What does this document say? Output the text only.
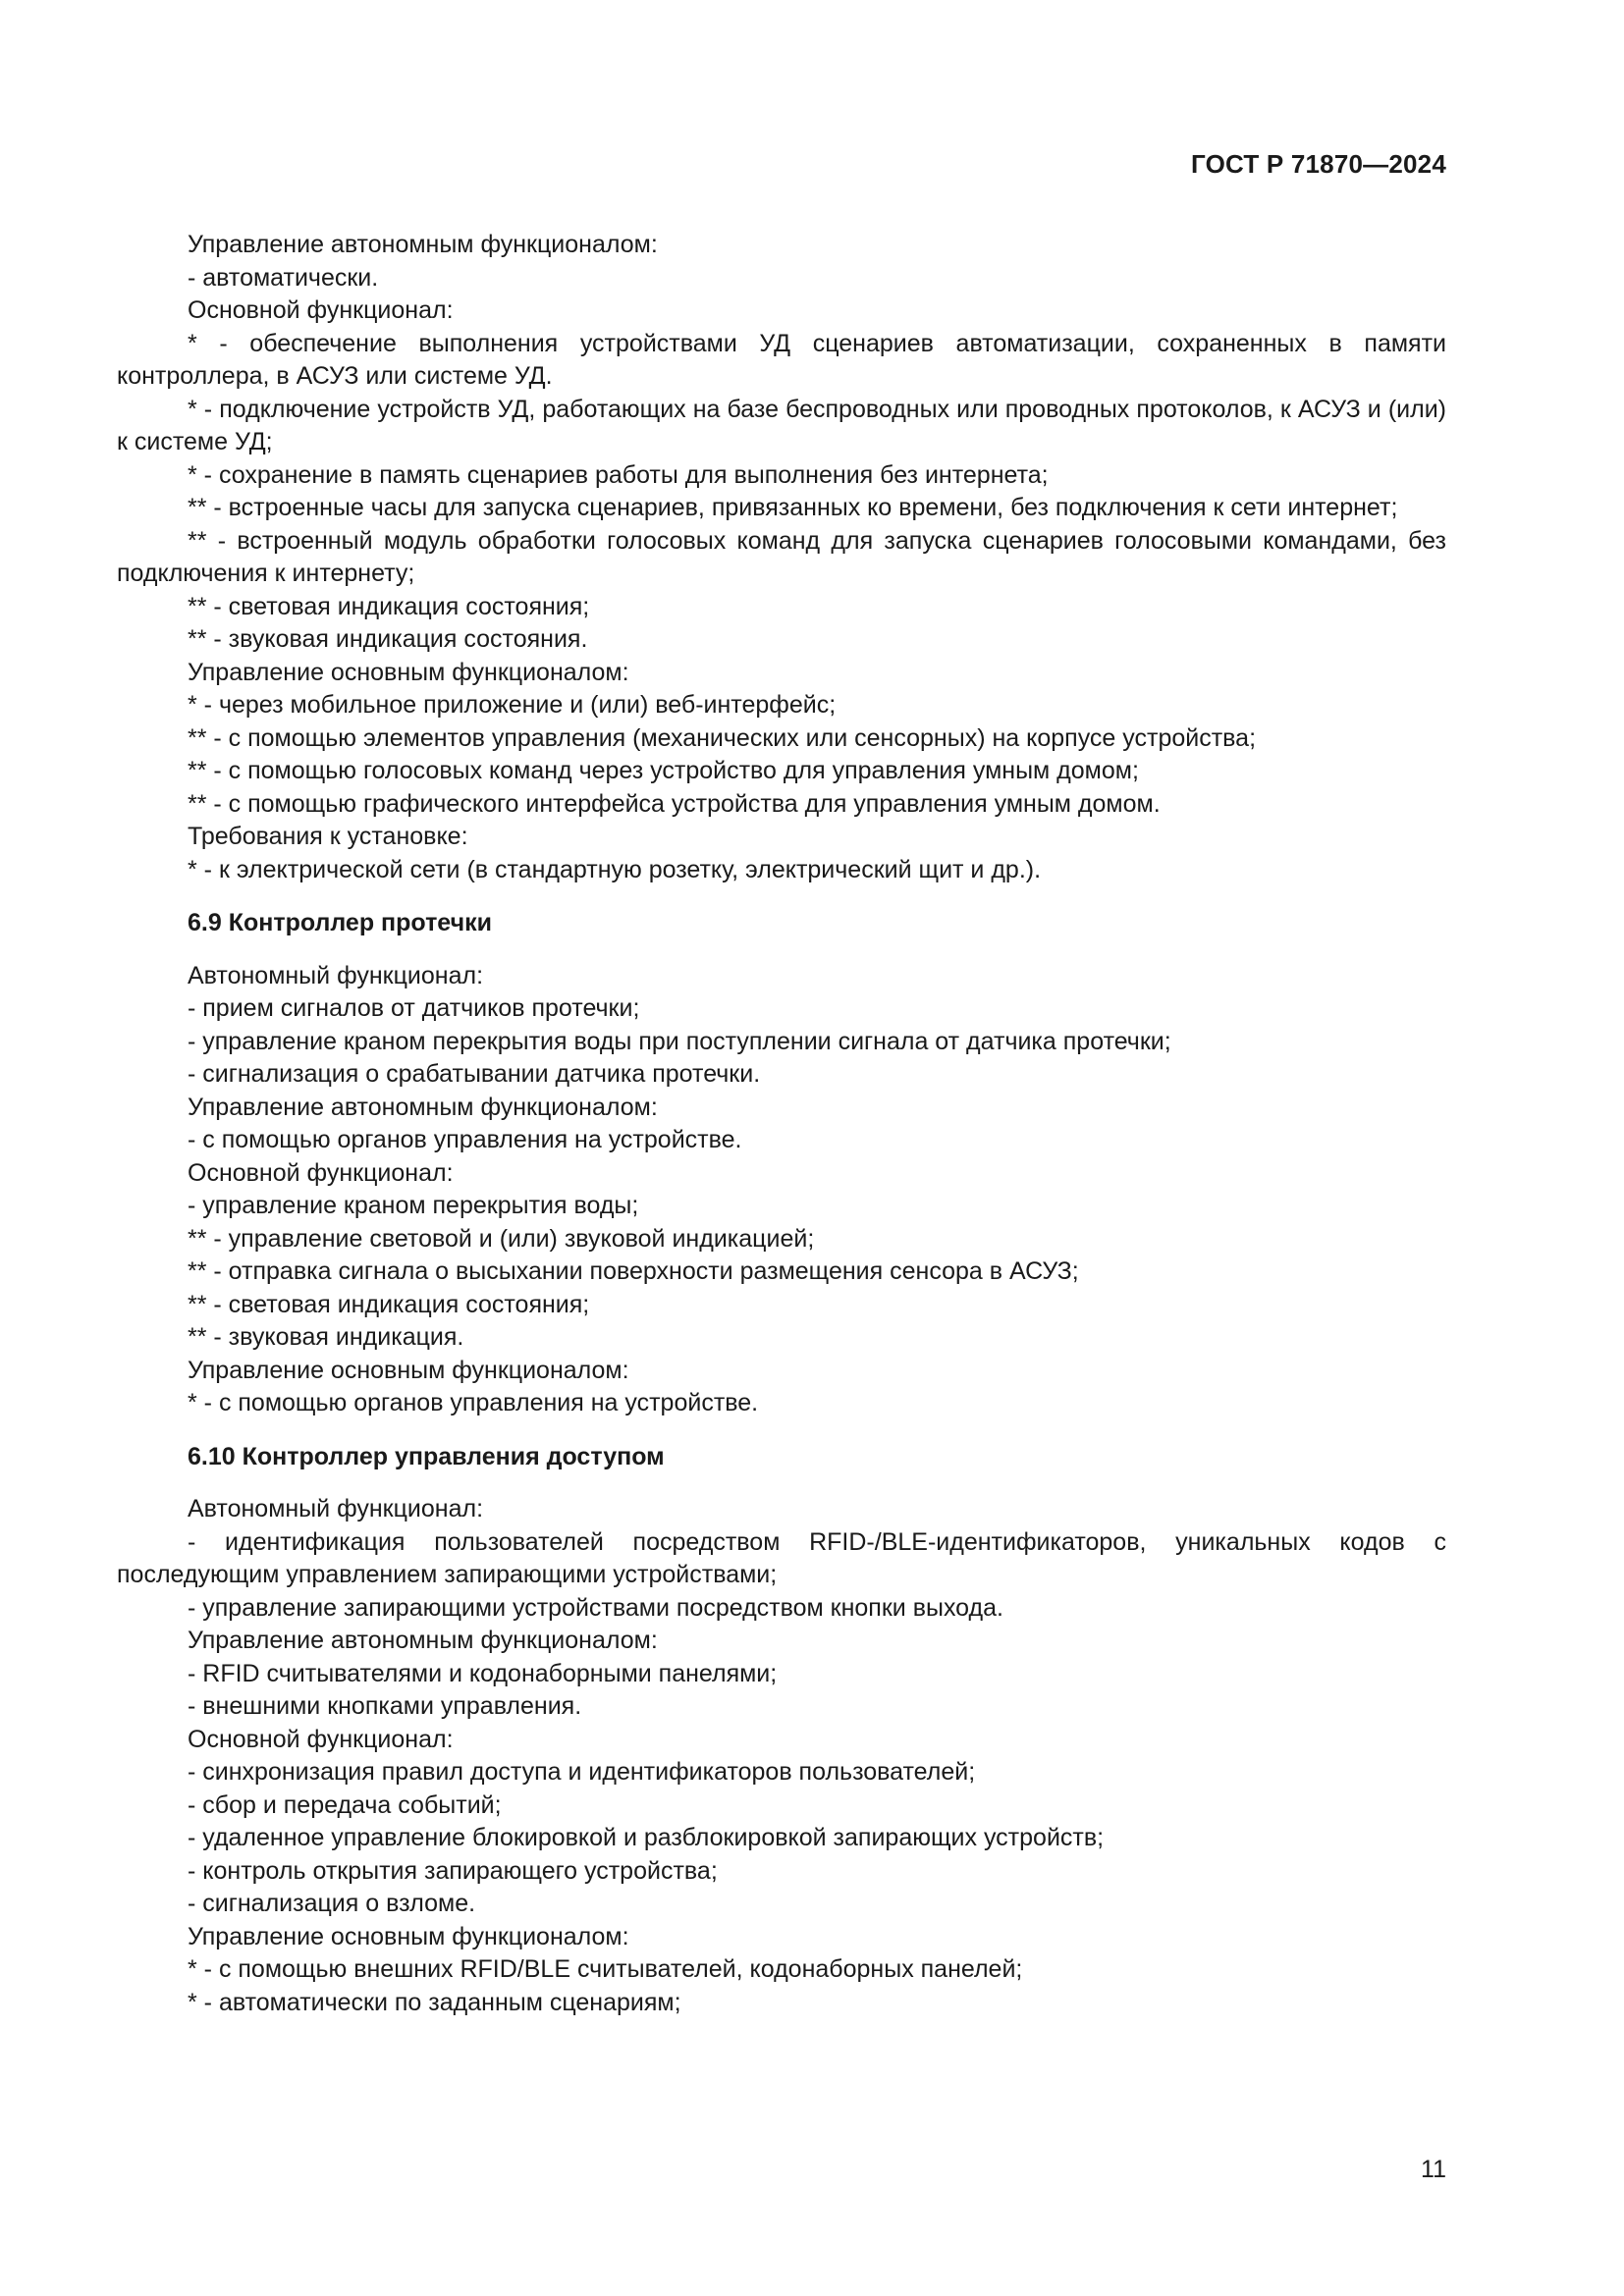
ГОСТ Р 71870—2024

Управление автономным функционалом:

- автоматически.

Основной функционал:

* - обеспечение выполнения устройствами УД сценариев автоматизации, сохраненных в памяти контроллера, в АСУЗ или системе УД.

* - подключение устройств УД, работающих на базе беспроводных или проводных протоколов, к АСУЗ и (или) к системе УД;

* - сохранение в память сценариев работы для выполнения без интернета;

** - встроенные часы для запуска сценариев, привязанных ко времени, без подключения к сети интернет;

** - встроенный модуль обработки голосовых команд для запуска сценариев голосовыми командами, без подключения к интернету;

** - световая индикация состояния;

** - звуковая индикация состояния.

Управление основным функционалом:

* - через мобильное приложение и (или) веб-интерфейс;

** - с помощью элементов управления (механических или сенсорных) на корпусе устройства;

** - с помощью голосовых команд через устройство для управления умным домом;

** - с помощью графического интерфейса устройства для управления умным домом.

Требования к установке:

* - к электрической сети (в стандартную розетку, электрический щит и др.).

6.9 Контроллер протечки

Автономный функционал:

- прием сигналов от датчиков протечки;

- управление краном перекрытия воды при поступлении сигнала от датчика протечки;

- сигнализация о срабатывании датчика протечки.

Управление автономным функционалом:

- с помощью органов управления на устройстве.

Основной функционал:

- управление краном перекрытия воды;

** - управление световой и (или) звуковой индикацией;

** - отправка сигнала о высыхании поверхности размещения сенсора в АСУЗ;

** - световая индикация состояния;

** - звуковая индикация.

Управление основным функционалом:

* - с помощью органов управления на устройстве.

6.10 Контроллер управления доступом

Автономный функционал:

- идентификация пользователей посредством RFID-/BLE-идентификаторов, уникальных кодов с последующим управлением запирающими устройствами;

- управление запирающими устройствами посредством кнопки выхода.

Управление автономным функционалом:

- RFID считывателями и кодонаборными панелями;

- внешними кнопками управления.

Основной функционал:

- синхронизация правил доступа и идентификаторов пользователей;

- сбор и передача событий;

- удаленное управление блокировкой и разблокировкой запирающих устройств;

- контроль открытия запирающего устройства;

- сигнализация о взломе.

Управление основным функционалом:

* - с помощью внешних RFID/BLE считывателей, кодонаборных панелей;

* - автоматически по заданным сценариям;

11
